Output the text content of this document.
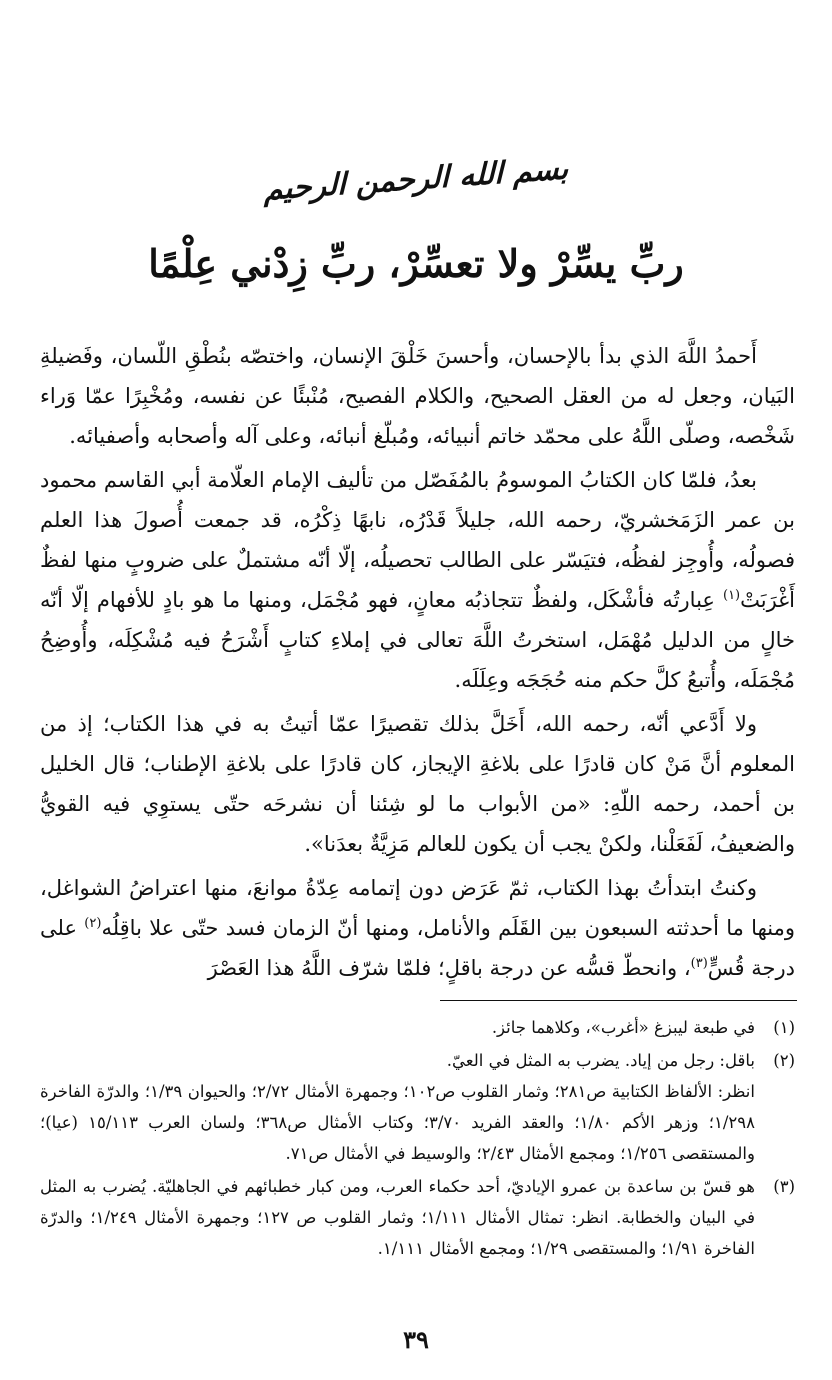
بسم الله الرحمن الرحيم
ربِّ يسِّرْ ولا تعسِّرْ، ربِّ زِدْني عِلْمًا

أَحمدُ اللَّهَ الذي بدأ بالإحسان، وأحسنَ خَلْقَ الإنسان، واختصّه بنُطْقِ اللّسان، وفَضيلةِ البَيان، وجعل له من العقل الصحيح، والكلام الفصيح، مُنْبئًا عن نفسه، ومُخْبِرًا عمّا وَراء شَخْصه، وصلّى اللَّهُ على محمّد خاتم أنبيائه، ومُبلّغ أنبائه، وعلى آله وأصحابه وأصفيائه.

بعدُ، فلمّا كان الكتابُ الموسومُ بالمُفَصّل من تأليف الإمام العلّامة أبي القاسم محمود بن عمر الزَمَخشريّ، رحمه الله، جليلاً قَدْرُه، نابهًا ذِكْرُه، قد جمعت أُصولَ هذا العلم فصولُه، وأُوجِز لفظُه، فتيَسّر على الطالب تحصيلُه، إلّا أنّه مشتملٌ على ضروبٍ منها لفظٌ أَغْرَبَتْ$^{(١)}$ عِبارتُه فأشْكَل، ولفظٌ تتجاذبُه معانٍ، فهو مُجْمَل، ومنها ما هو بادٍ للأفهام إلّا أنّه خالٍ من الدليل مُهْمَل، استخرتُ اللَّهَ تعالى في إملاءِ كتابٍ أَشْرَحُ فيه مُشْكِلَه، وأُوضِحُ مُجْمَلَه، وأُتبعُ كلَّ حكم منه حُجَجَه وعِلَلَه.

ولا أَدَّعي أنّه، رحمه الله، أَخَلَّ بذلك تقصيرًا عمّا أتيتُ به في هذا الكتاب؛ إذ من المعلوم أنَّ مَنْ كان قادرًا على بلاغةِ الإيجاز، كان قادرًا على بلاغةِ الإطناب؛ قال الخليل بن أحمد، رحمه اللّهِ: «من الأبواب ما لو شِئنا أن نشرحَه حتّى يستوِي فيه القويُّ والضعيفُ، لَفَعَلْنا، ولكنْ يجب أن يكون للعالم مَزِيَّةٌ بعدَنا».

وكنتُ ابتدأتُ بهذا الكتاب، ثمّ عَرَض دون إتمامه عِدّةُ موانعَ، منها اعتراضُ الشواغل، ومنها ما أحدثته السبعون بين القَلَم والأنامل، ومنها أنّ الزمان فسد حتّى علا باقِلُه$^{(٢)}$ على درجة قُسٍّ$^{(٣)}$، وانحطّ قسُّه عن درجة باقلٍ؛ فلمّا شرّف اللَّهُ هذا العَصْرَ

(١)

في طبعة ليبزغ «أغرب»، وكلاهما جائز.

(٢)

باقل: رجل من إياد. يضرب به المثل في العيّ.

انظر: الألفاظ الكتابية ص٢٨١؛ وثمار القلوب ص١٠٢؛ وجمهرة الأمثال ٢/٧٢؛ والحيوان ١/٣٩؛ والدرّة الفاخرة ١/٢٩٨؛ وزهر الأكم ١/٨٠؛ والعقد الفريد ٣/٧٠؛ وكتاب الأمثال ص٣٦٨؛ ولسان العرب ١٥/١١٣ (عيا)؛ والمستقصى ١/٢٥٦؛ ومجمع الأمثال ٢/٤٣؛ والوسيط في الأمثال ص٧١.

(٣)

هو قسّ بن ساعدة بن عمرو الإياديّ، أحد حكماء العرب، ومن كبار خطبائهم في الجاهليّة. يُضرب به المثل في البيان والخطابة. انظر: تمثال الأمثال ١/١١١؛ وثمار القلوب ص ١٢٧؛ وجمهرة الأمثال ١/٢٤٩؛ والدرّة الفاخرة ١/٩١؛ والمستقصى ١/٢٩؛ ومجمع الأمثال ١/١١١.

٣٩
